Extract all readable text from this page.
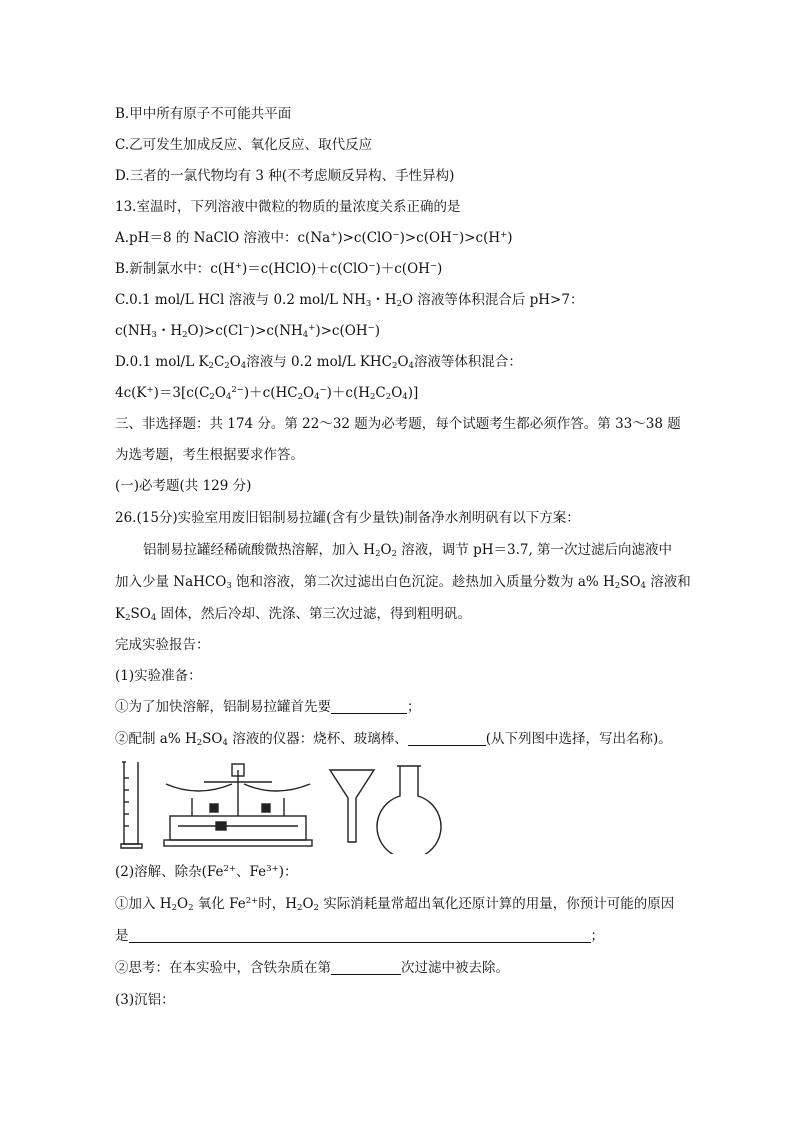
B.甲中所有原子不可能共平面
C.乙可发生加成反应、氧化反应、取代反应
D.三者的一氯代物均有 3 种(不考虑顺反异构、手性异构)
13.室温时，下列溶液中微粒的物质的量浓度关系正确的是
A.pH＝8 的 NaClO 溶液中：c(Na+)>c(ClO−)>c(OH−)>c(H+)
B.新制氯水中：c(H+)＝c(HClO)＋c(ClO−)＋c(OH−)
C.0.1 mol/L HCl 溶液与 0.2 mol/L $NH_3$・$H_2O$ 溶液等体积混合后 pH>7：
$c(NH_3$・$H_2O)>c(Cl^-)>c(NH_4^+)>c(OH^-)$
D.0.1 mol/L $K_2C_2O_4$溶液与 0.2 mol/L $KHC_2O_4$溶液等体积混合：
$4c(K^+)=3[c(C_2O_4^{2-})+c(HC_2O_4^-)+c(H_2C_2O_4)]$
三、非选择题：共 174 分。第 22～32 题为必考题，每个试题考生都必须作答。第 33～38 题
为选考题，考生根据要求作答。
(一)必考题(共 129 分)
26.(15分)实验室用废旧铝制易拉罐(含有少量铁)制备净水剂明矾有以下方案：
铝制易拉罐经稀硫酸微热溶解，加入 $H_2O_2$ 溶液，调节 pH＝3.7, 第一次过滤后向滤液中
加入少量 NaHCO$_3$ 饱和溶液，第二次过滤出白色沉淀。趁热加入质量分数为 a% $H_2SO_4$ 溶液和
$K_2SO_4$ 固体，然后冷却、洗涤、第三次过滤，得到粗明矾。
完成实验报告：
(1)实验准备：
①为了加快溶解，铝制易拉罐首先要	；
②配制 a% $H_2SO_4$ 溶液的仪器：烧杯、玻璃棒、	(从下列图中选择，写出名称)。
(2)溶解、除杂($Fe^{2+}$、$Fe^{3+}$)：
①加入 $H_2O_2$ 氧化 $Fe^{2+}$时，$H_2O_2$ 实际消耗量常超出氧化还原计算的用量，你预计可能的原因
是	；
②思考：在本实验中，含铁杂质在第	次过滤中被去除。
(3)沉铝：
